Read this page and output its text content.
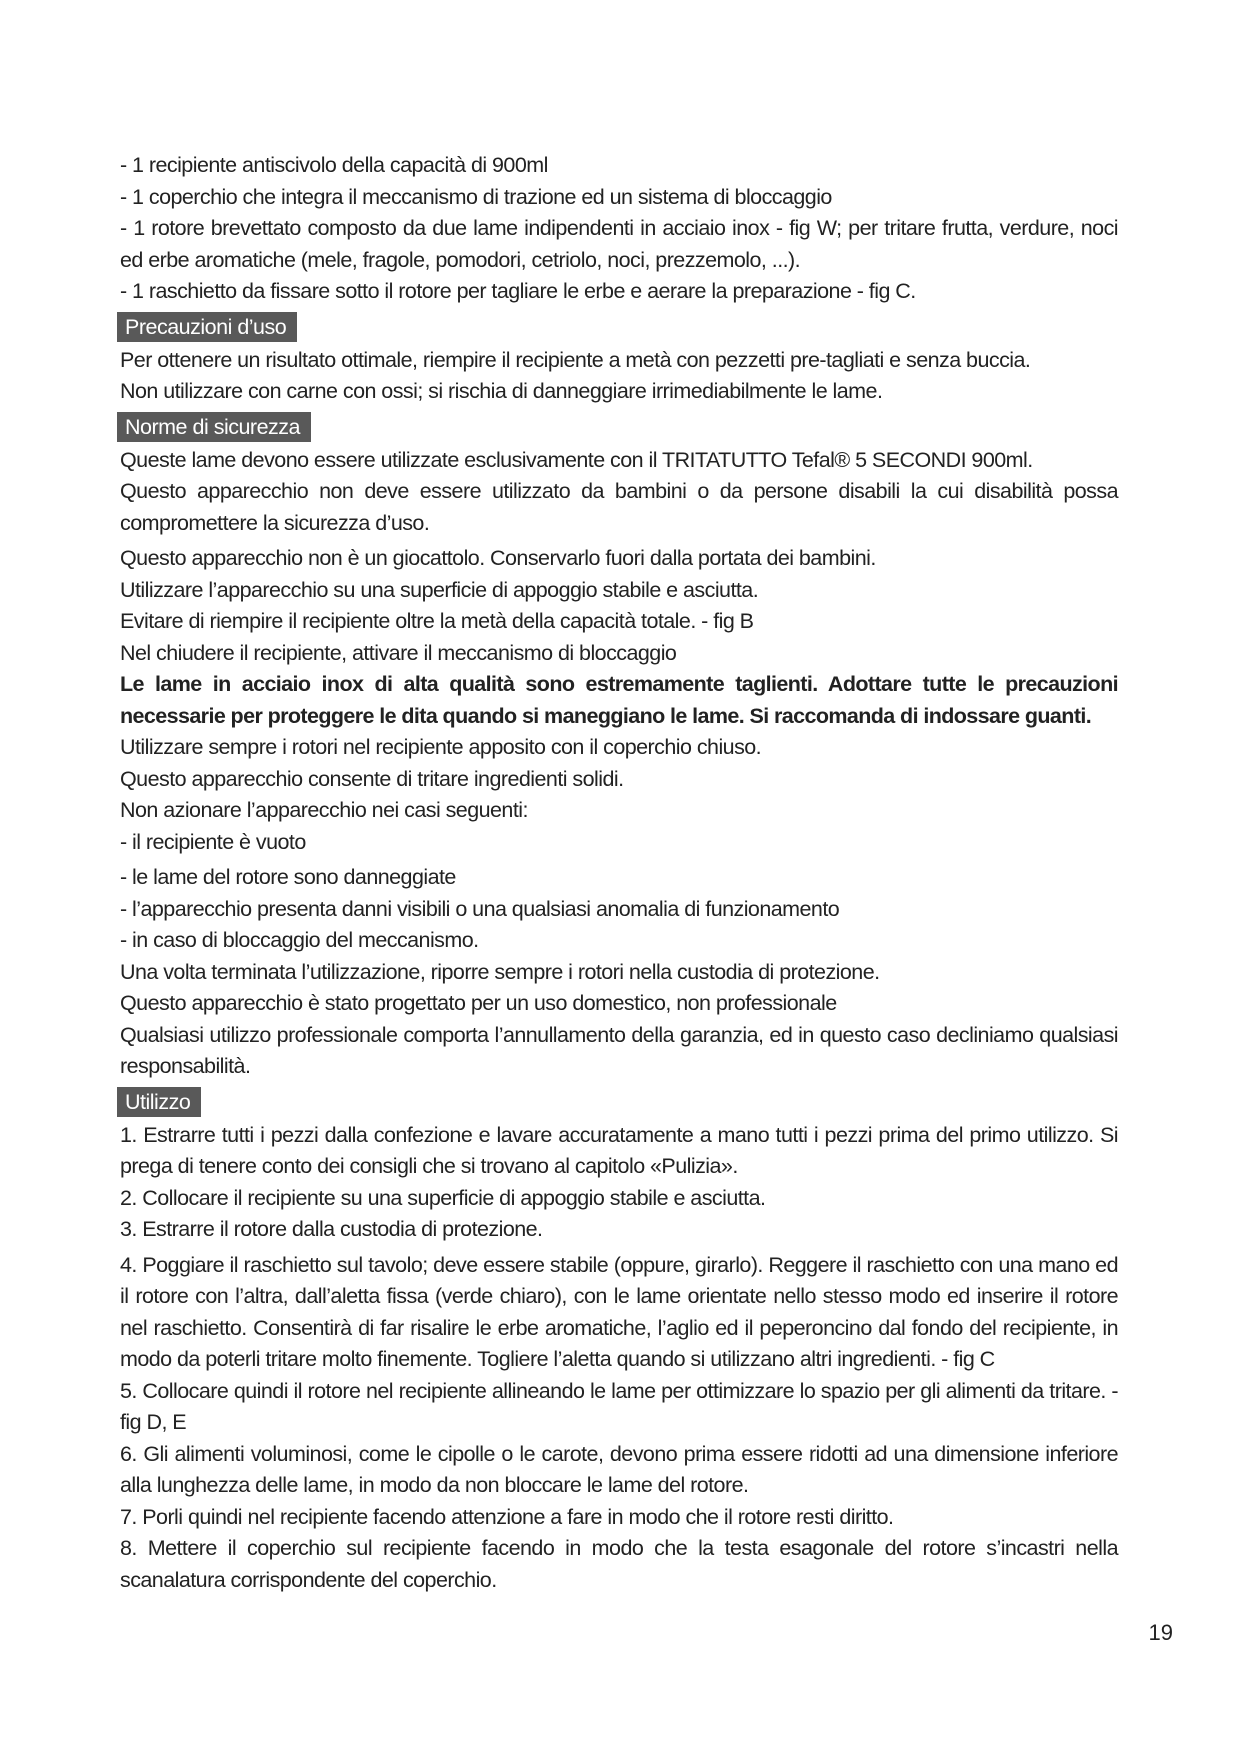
- 1 recipiente antiscivolo della capacità di 900ml

- 1 coperchio che integra il meccanismo di trazione ed un sistema di bloccaggio

- 1 rotore brevettato composto da due lame indipendenti in acciaio inox - fig W; per tritare frutta, verdure, noci ed erbe aromatiche (mele, fragole, pomodori, cetriolo, noci, prezzemolo, ...).

- 1 raschietto da fissare sotto il rotore per tagliare le erbe e aerare la preparazione - fig C.

Precauzioni d’uso

Per ottenere un risultato ottimale, riempire il recipiente a metà con pezzetti pre-tagliati e senza buccia.

Non utilizzare con carne con ossi; si rischia di danneggiare irrimediabilmente le lame.

Norme di sicurezza

Queste lame devono essere utilizzate esclusivamente con il TRITATUTTO Tefal® 5 SECONDI 900ml.

Questo apparecchio non deve essere utilizzato da bambini o da persone disabili la cui disabilità possa compromettere la sicurezza d’uso.

Questo apparecchio non è un giocattolo. Conservarlo fuori dalla portata dei bambini.

Utilizzare l’apparecchio su una superficie di appoggio stabile e asciutta.

Evitare di riempire il recipiente oltre la metà della capacità totale. - fig B

Nel chiudere il recipiente, attivare il meccanismo di bloccaggio

Le lame in acciaio inox di alta qualità sono estremamente taglienti. Adottare tutte le precauzioni necessarie per proteggere le dita quando si maneggiano le lame. Si raccomanda di indossare guanti.

Utilizzare sempre i rotori nel recipiente apposito con il coperchio chiuso.

Questo apparecchio consente di tritare ingredienti solidi.

Non azionare l’apparecchio nei casi seguenti:

- il recipiente è vuoto

- le lame del rotore sono danneggiate

- l’apparecchio presenta danni visibili o una qualsiasi anomalia di funzionamento

- in caso di bloccaggio del meccanismo.

Una volta terminata l’utilizzazione, riporre sempre i rotori nella custodia di protezione.

Questo apparecchio è stato progettato per un uso domestico, non professionale

Qualsiasi utilizzo professionale comporta l’annullamento della garanzia, ed in questo caso decliniamo qualsiasi responsabilità.

Utilizzo

1. Estrarre tutti i pezzi dalla confezione e lavare accuratamente a mano tutti i pezzi prima del primo utilizzo. Si prega di tenere conto dei consigli che si trovano al capitolo «Pulizia».

2. Collocare il recipiente su una superficie di appoggio stabile e asciutta.

3. Estrarre il rotore dalla custodia di protezione.

4. Poggiare il raschietto sul tavolo; deve essere stabile (oppure, girarlo). Reggere il raschietto con una mano ed il rotore con l’altra, dall’aletta fissa (verde chiaro), con le lame orientate nello stesso modo ed inserire il rotore nel raschietto. Consentirà di far risalire le erbe aromatiche, l’aglio ed il peperoncino dal fondo del recipiente, in modo da poterli tritare molto finemente. Togliere l’aletta quando si utilizzano altri ingredienti. - fig C

5. Collocare quindi il rotore nel recipiente allineando le lame per ottimizzare lo spazio per gli alimenti da tritare. - fig D, E

6. Gli alimenti voluminosi, come le cipolle o le carote, devono prima essere ridotti ad una dimensione inferiore alla lunghezza delle lame, in modo da non bloccare le lame del rotore.

7. Porli quindi nel recipiente facendo attenzione a fare in modo che il rotore resti diritto.

8. Mettere il coperchio sul recipiente facendo in modo che la testa esagonale del rotore s’incastri nella scanalatura corrispondente del coperchio.

19
